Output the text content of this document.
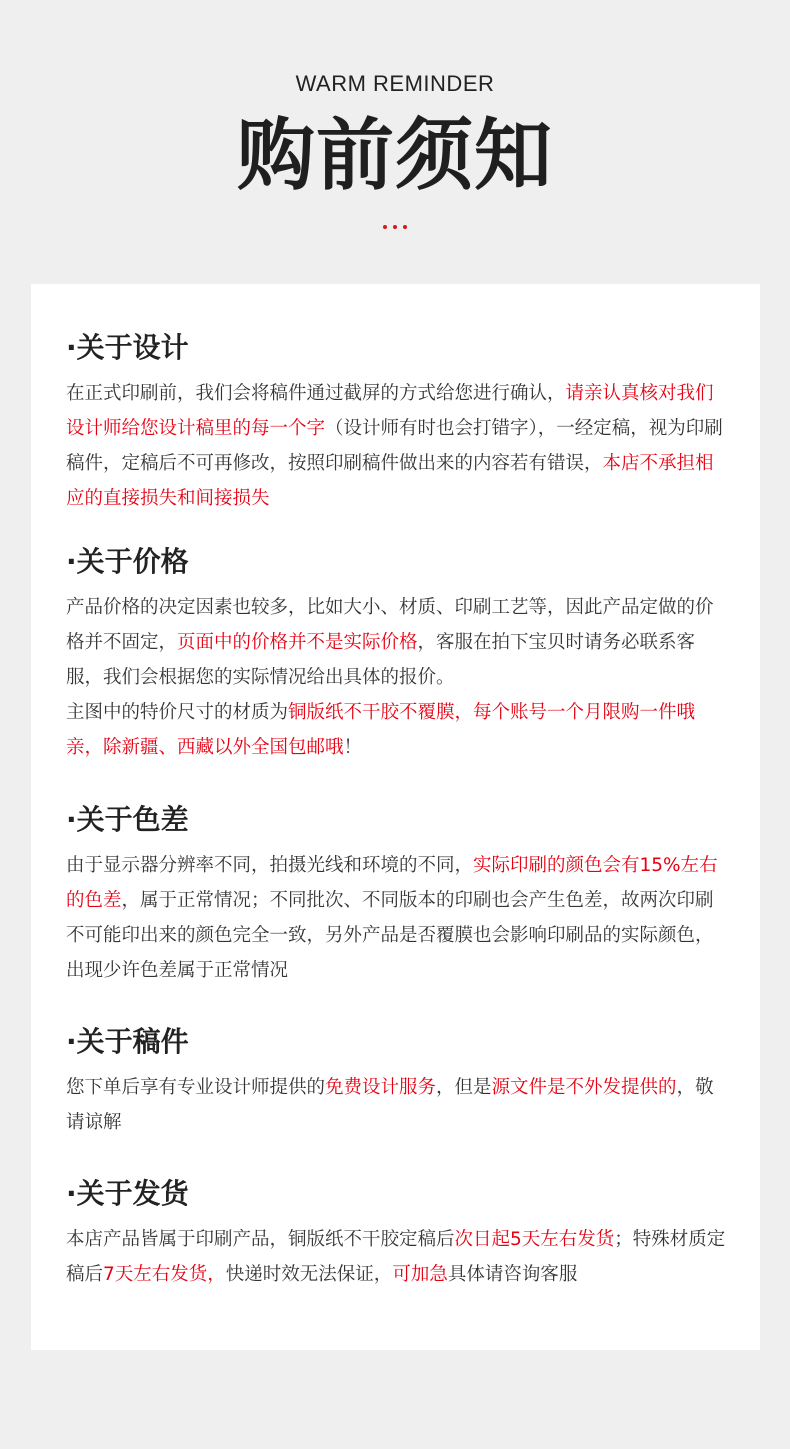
WARM REMINDER
购前须知
·关于设计

在正式印刷前，我们会将稿件通过截屏的方式给您进行确认，请亲认真核对我们设计师给您设计稿里的每一个字（设计师有时也会打错字），一经定稿，视为印刷稿件，定稿后不可再修改，按照印刷稿件做出来的内容若有错误，本店不承担相应的直接损失和间接损失

·关于价格

产品价格的决定因素也较多，比如大小、材质、印刷工艺等，因此产品定做的价格并不固定，页面中的价格并不是实际价格，客服在拍下宝贝时请务必联系客服，我们会根据您的实际情况给出具体的报价。

主图中的特价尺寸的材质为铜版纸不干胶不覆膜，每个账号一个月限购一件哦亲，除新疆、西藏以外全国包邮哦！

·关于色差

由于显示器分辨率不同，拍摄光线和环境的不同，实际印刷的颜色会有15%左右的色差，属于正常情况；不同批次、不同版本的印刷也会产生色差，故两次印刷不可能印出来的颜色完全一致，另外产品是否覆膜也会影响印刷品的实际颜色，出现少许色差属于正常情况

·关于稿件

您下单后享有专业设计师提供的免费设计服务，但是源文件是不外发提供的，敬请谅解

·关于发货

本店产品皆属于印刷产品，铜版纸不干胶定稿后次日起5天左右发货；特殊材质定稿后7天左右发货，快递时效无法保证，可加急具体请咨询客服
